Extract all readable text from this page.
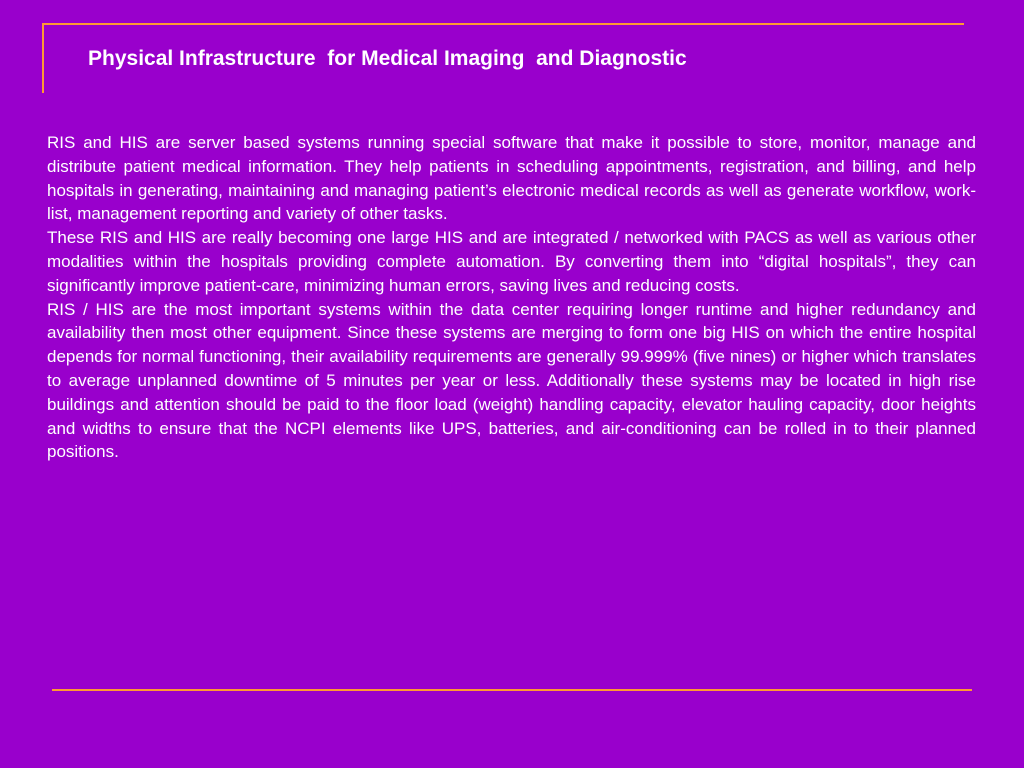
Physical Infrastructure  for Medical Imaging  and Diagnostic

RIS and HIS are server based systems running special software that make it possible to store, monitor, manage and distribute patient medical information. They help patients in scheduling appointments, registration, and billing, and help hospitals in generating, maintaining and managing patient’s electronic medical records as well as generate workflow, work-list, management reporting and variety of other tasks.

These RIS and HIS are really becoming one large HIS and are integrated / networked with PACS as well as various other modalities within the hospitals providing complete automation. By converting them into “digital hospitals”, they can significantly improve patient-care, minimizing human errors, saving lives and reducing costs.

RIS / HIS are the most important systems within the data center requiring longer runtime and higher redundancy and availability then most other equipment. Since these systems are merging to form one big HIS on which the entire hospital depends for normal functioning, their availability requirements are generally 99.999% (five nines) or higher which translates to average unplanned downtime of 5 minutes per year or less. Additionally these systems may be located in high rise buildings and attention should be paid to the floor load (weight) handling capacity, elevator hauling capacity, door heights and widths to ensure that the NCPI elements like UPS, batteries, and air-conditioning can be rolled in to their planned positions.
